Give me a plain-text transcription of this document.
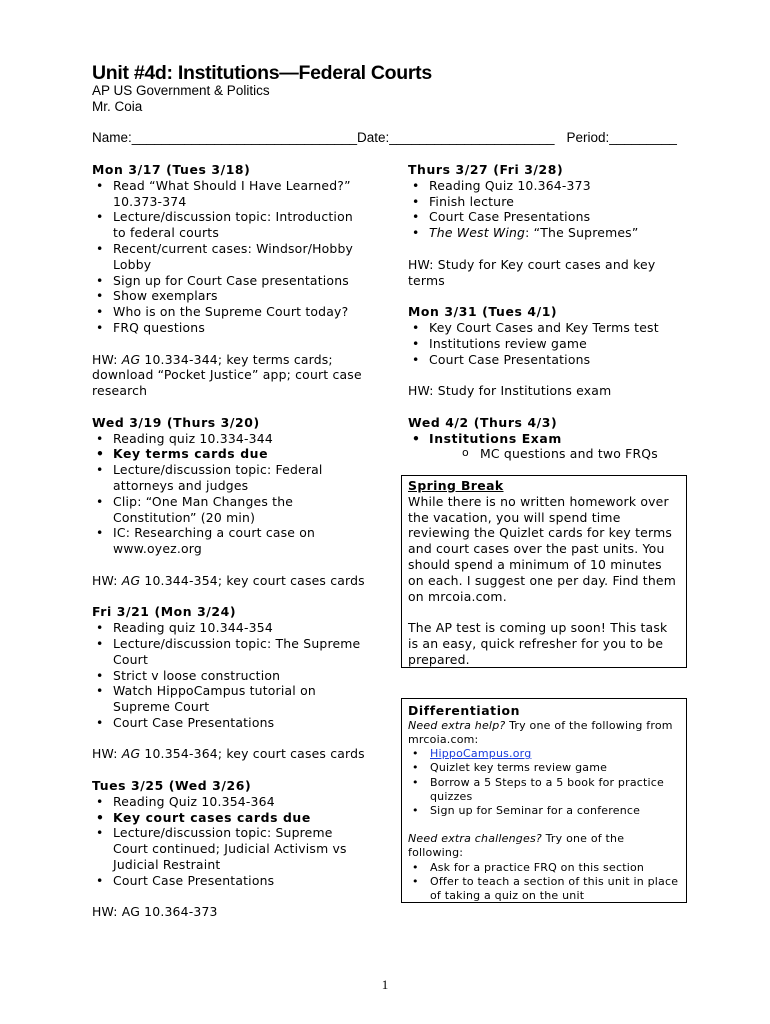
Unit #4d: Institutions—Federal Courts
AP US Government & Politics
Mr. Coia
Name:______________________________Date:______________________ Period:_________

Mon 3/17 (Tues 3/18)

• Read “What Should I Have Learned?” 10.373-374
• Lecture/discussion topic: Introduction to federal courts
• Recent/current cases: Windsor/Hobby Lobby
• Sign up for Court Case presentations
• Show exemplars
• Who is on the Supreme Court today?
• FRQ questions

HW: AG 10.334-344; key terms cards; download “Pocket Justice” app; court case research

Wed 3/19 (Thurs 3/20)

• Reading quiz 10.334-344
• Key terms cards due
• Lecture/discussion topic: Federal attorneys and judges
• Clip: “One Man Changes the Constitution” (20 min)
• IC: Researching a court case on www.oyez.org

HW: AG 10.344-354; key court cases cards

Fri 3/21 (Mon 3/24)

• Reading quiz 10.344-354
• Lecture/discussion topic: The Supreme Court
• Strict v loose construction
• Watch HippoCampus tutorial on Supreme Court
• Court Case Presentations

HW: AG 10.354-364; key court cases cards

Tues 3/25 (Wed 3/26)

• Reading Quiz 10.354-364
• Key court cases cards due
• Lecture/discussion topic: Supreme Court continued; Judicial Activism vs Judicial Restraint
• Court Case Presentations

HW: AG 10.364-373

Thurs 3/27 (Fri 3/28)

• Reading Quiz 10.364-373
• Finish lecture
• Court Case Presentations
• The West Wing: “The Supremes”

HW: Study for Key court cases and key terms

Mon 3/31 (Tues 4/1)

• Key Court Cases and Key Terms test
• Institutions review game
• Court Case Presentations

HW: Study for Institutions exam

Wed 4/2 (Thurs 4/3)

• Institutions Exam
o MC questions and two FRQs

Spring Break

While there is no written homework over the vacation, you will spend time reviewing the Quizlet cards for key terms and court cases over the past units. You should spend a minimum of 10 minutes on each. I suggest one per day. Find them on mrcoia.com.

The AP test is coming up soon! This task is an easy, quick refresher for you to be prepared.

Differentiation

Need extra help? Try one of the following from mrcoia.com:

• HippoCampus.org
• Quizlet key terms review game
• Borrow a 5 Steps to a 5 book for practice quizzes
• Sign up for Seminar for a conference

Need extra challenges? Try one of the following:

• Ask for a practice FRQ on this section
• Offer to teach a section of this unit in place of taking a quiz on the unit
1
